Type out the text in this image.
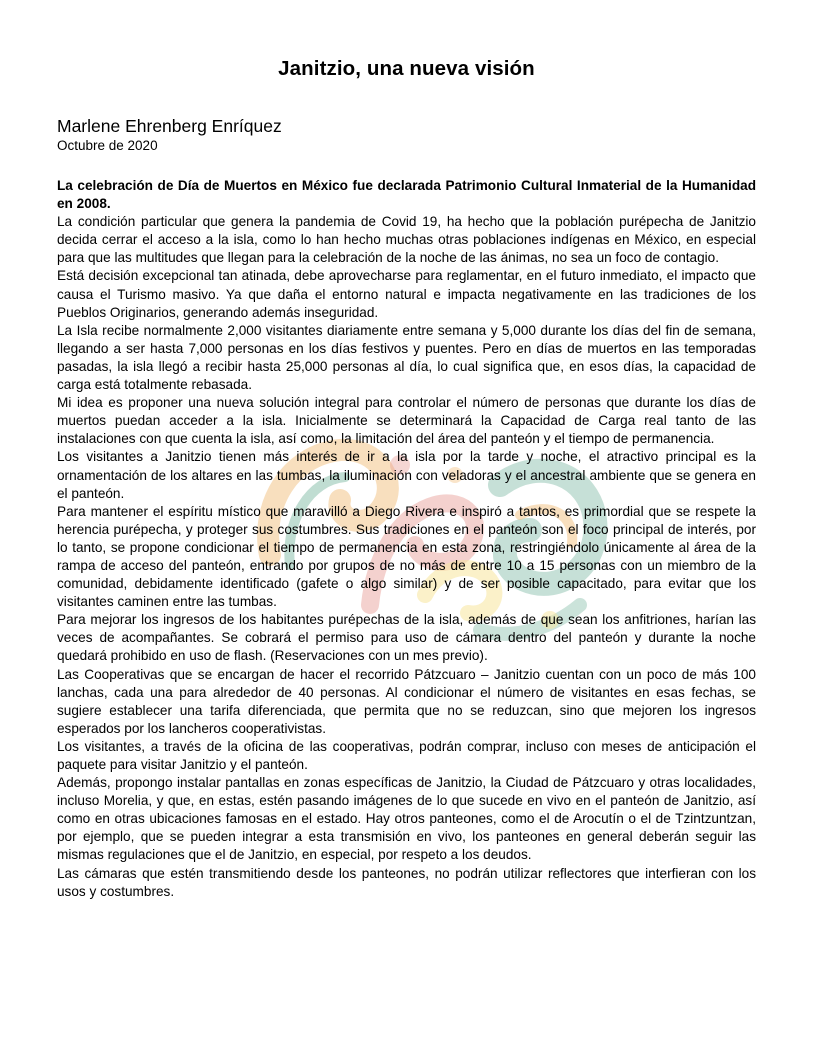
Janitzio, una nueva visión

Marlene Ehrenberg Enríquez

Octubre de 2020

La celebración de Día de Muertos en México fue declarada Patrimonio Cultural Inmaterial de la Humanidad en 2008.

La condición particular que genera la pandemia de Covid 19, ha hecho que la población purépecha de Janitzio decida cerrar el acceso a la isla, como lo han hecho muchas otras poblaciones indígenas en México, en especial para que las multitudes que llegan para la celebración de la noche de las ánimas, no sea un foco de contagio.

Está decisión excepcional tan atinada, debe aprovecharse para reglamentar, en el futuro inmediato, el impacto que causa el Turismo masivo. Ya que daña el entorno natural e impacta negativamente en las tradiciones de los Pueblos Originarios, generando además inseguridad.

La Isla recibe normalmente 2,000 visitantes diariamente entre semana y 5,000 durante los días del fin de semana, llegando a ser hasta 7,000 personas en los días festivos y puentes. Pero en días de muertos en las temporadas pasadas, la isla llegó a recibir hasta 25,000 personas al día, lo cual significa que, en esos días, la capacidad de carga está totalmente rebasada.

Mi idea es proponer una nueva solución integral para controlar el número de personas que durante los días de muertos puedan acceder a la isla. Inicialmente se determinará la Capacidad de Carga real tanto de las instalaciones con que cuenta la isla, así como, la limitación del área del panteón y el tiempo de permanencia.

Los visitantes a Janitzio tienen más interés de ir a la isla por la tarde y noche, el atractivo principal es la ornamentación de los altares en las tumbas, la iluminación con veladoras y el ancestral ambiente que se genera en el panteón.

Para mantener el espíritu místico que maravilló a Diego Rivera e inspiró a tantos, es primordial que se respete la herencia purépecha, y proteger sus costumbres. Sus tradiciones en el panteón son el foco principal de interés, por lo tanto, se propone condicionar el tiempo de permanencia en esta zona, restringiéndolo únicamente al área de la rampa de acceso del panteón, entrando por grupos de no más de entre 10 a 15 personas con un miembro de la comunidad, debidamente identificado (gafete o algo similar) y de ser posible capacitado, para evitar que los visitantes caminen entre las tumbas.

Para mejorar los ingresos de los habitantes purépechas de la isla, además de que sean los anfitriones, harían las veces de acompañantes. Se cobrará el permiso para uso de cámara dentro del panteón y durante la noche quedará prohibido en uso de flash. (Reservaciones con un mes previo).

Las Cooperativas que se encargan de hacer el recorrido Pátzcuaro – Janitzio cuentan con un poco de más 100 lanchas, cada una para alrededor de 40 personas. Al condicionar el número de visitantes en esas fechas, se sugiere establecer una tarifa diferenciada, que permita que no se reduzcan, sino que mejoren los ingresos esperados por los lancheros cooperativistas.

Los visitantes, a través de la oficina de las cooperativas, podrán comprar, incluso con meses de anticipación el paquete para visitar Janitzio y el panteón.

Además, propongo instalar pantallas en zonas específicas de Janitzio, la Ciudad de Pátzcuaro y otras localidades, incluso Morelia, y que, en estas, estén pasando imágenes de lo que sucede en vivo en el panteón de Janitzio, así como en otras ubicaciones famosas en el estado. Hay otros panteones, como el de Arocutín o el de Tzintzuntzan, por ejemplo, que se pueden integrar a esta transmisión en vivo, los panteones en general deberán seguir las mismas regulaciones que el de Janitzio, en especial, por respeto a los deudos.

Las cámaras que estén transmitiendo desde los panteones, no podrán utilizar reflectores que interfieran con los usos y costumbres.
